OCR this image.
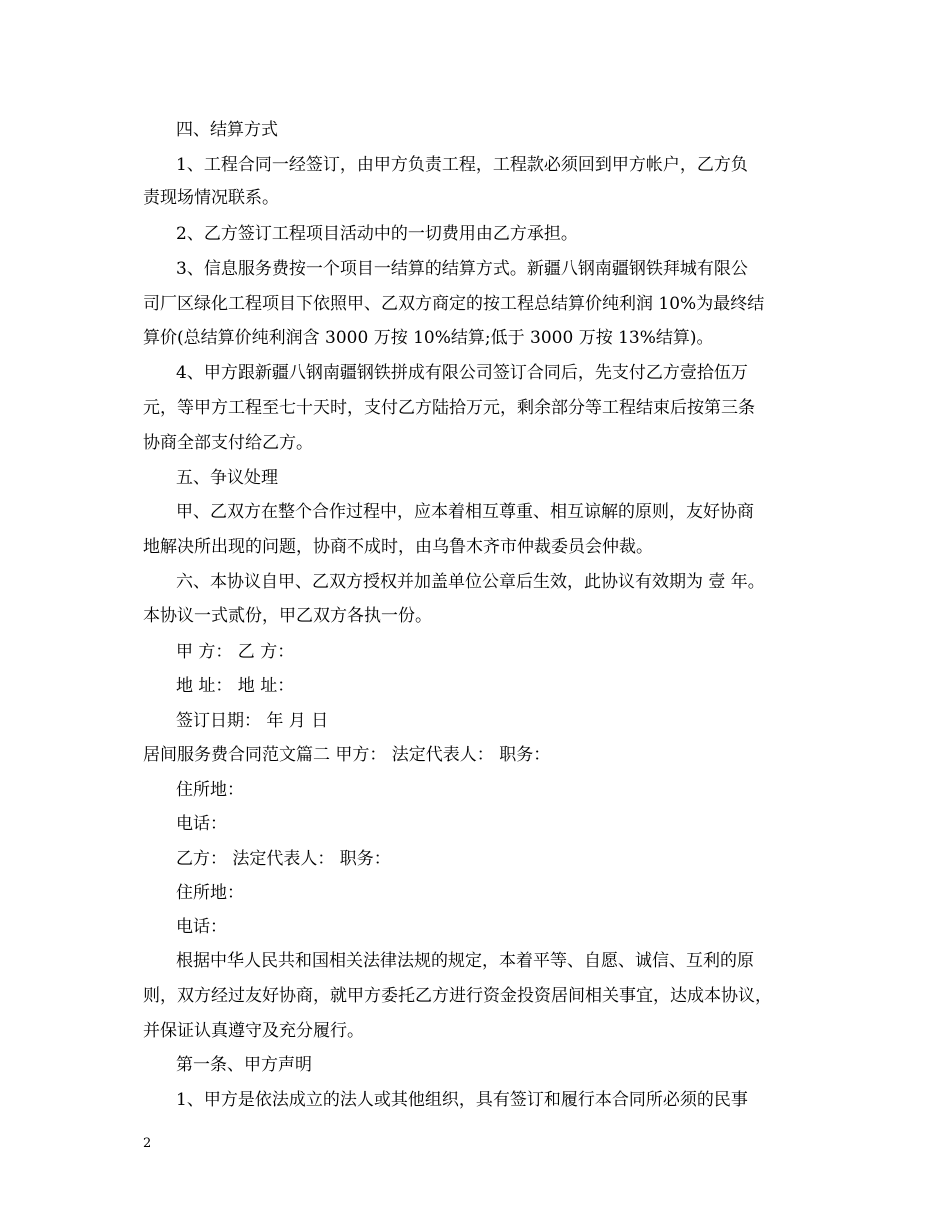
四、结算方式
1、工程合同一经签订，由甲方负责工程，工程款必须回到甲方帐户，乙方负
责现场情况联系。
2、乙方签订工程项目活动中的一切费用由乙方承担。
3、信息服务费按一个项目一结算的结算方式。新疆八钢南疆钢铁拜城有限公
司厂区绿化工程项目下依照甲、乙双方商定的按工程总结算价纯利润 10%为最终结
算价(总结算价纯利润含 3000 万按 10%结算;低于 3000 万按 13%结算)。
4、甲方跟新疆八钢南疆钢铁拼成有限公司签订合同后，先支付乙方壹拾伍万
元，等甲方工程至七十天时，支付乙方陆拾万元，剩余部分等工程结束后按第三条
协商全部支付给乙方。
五、争议处理
甲、乙双方在整个合作过程中，应本着相互尊重、相互谅解的原则，友好协商
地解决所出现的问题，协商不成时，由乌鲁木齐市仲裁委员会仲裁。
六、本协议自甲、乙双方授权并加盖单位公章后生效，此协议有效期为 壹 年。
本协议一式贰份，甲乙双方各执一份。
甲 方： 乙 方：
地 址： 地 址：
签订日期： 年 月 日
居间服务费合同范文篇二 甲方： 法定代表人： 职务：
住所地：
电话：
乙方： 法定代表人： 职务：
住所地：
电话：
根据中华人民共和国相关法律法规的规定，本着平等、自愿、诚信、互利的原
则，双方经过友好协商，就甲方委托乙方进行资金投资居间相关事宜，达成本协议，
并保证认真遵守及充分履行。
第一条、甲方声明
1、甲方是依法成立的法人或其他组织，具有签订和履行本合同所必须的民事
2
